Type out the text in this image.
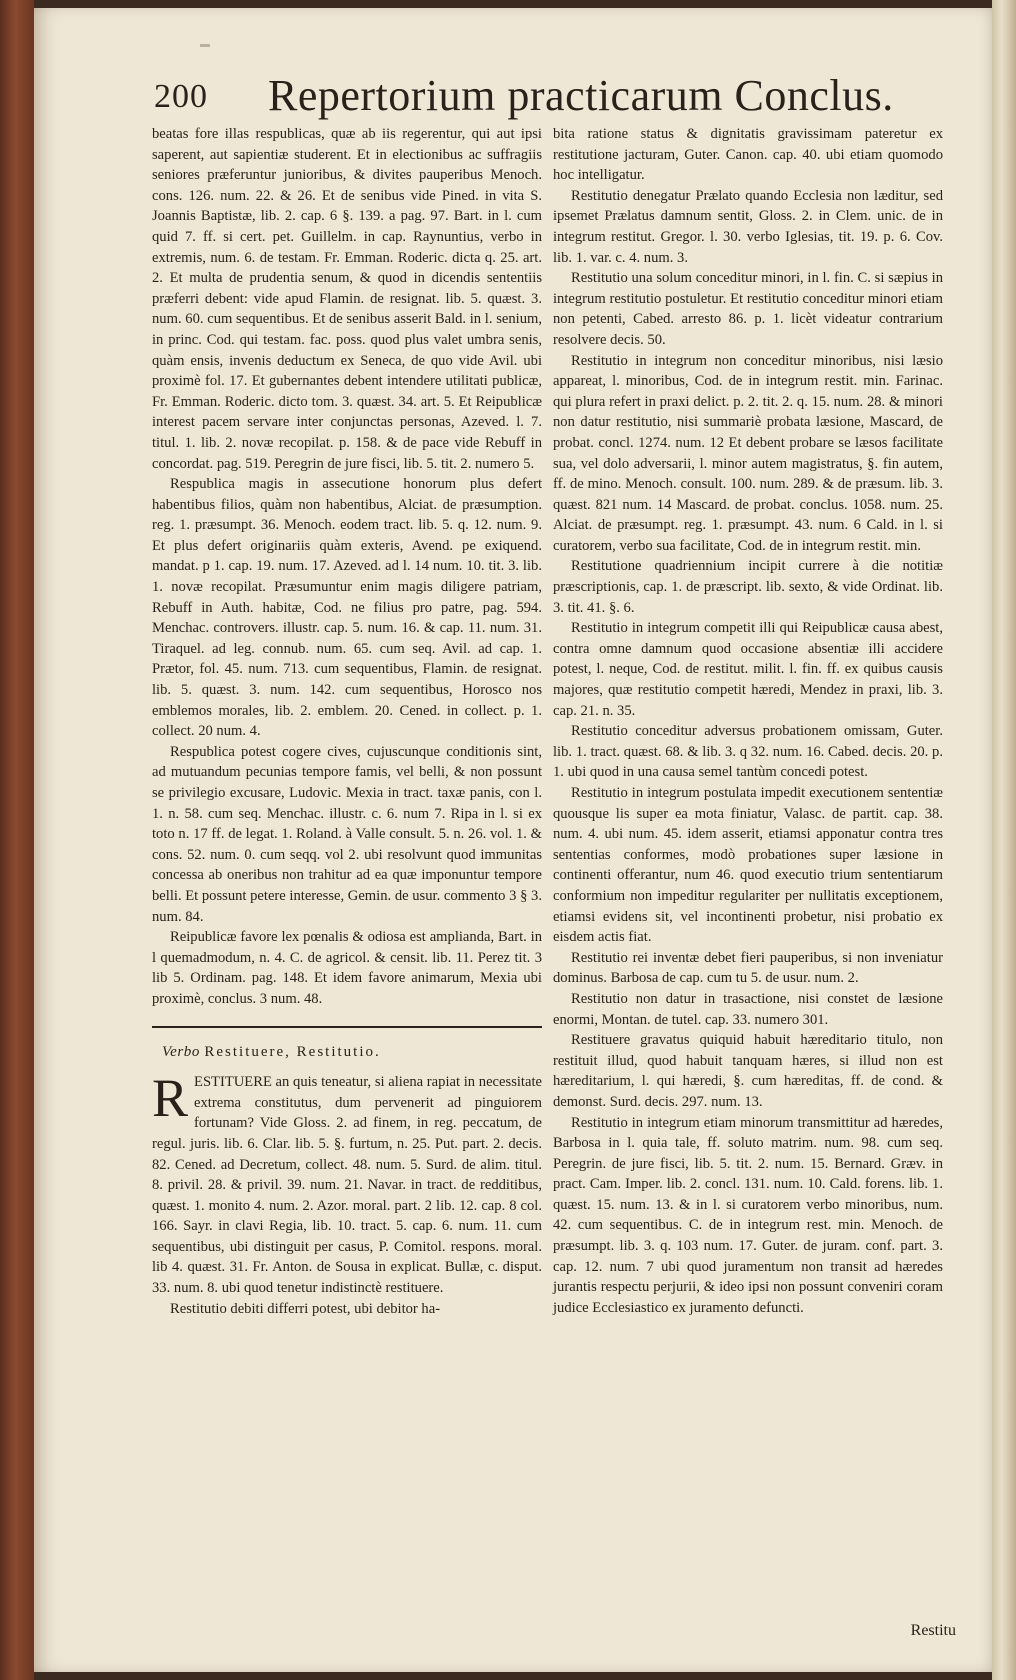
200 Repertorium practicarum Conclus.

beatas fore illas respublicas, quæ ab iis regerentur, qui aut ipsi saperent, aut sapientiæ studerent. Et in electionibus ac suffragiis seniores præferuntur junioribus, & divites pauperibus Menoch. cons. 126. num. 22. & 26. Et de senibus vide Pined. in vita S. Joannis Baptistæ, lib. 2. cap. 6 §. 139. a pag. 97. Bart. in l. cum quid 7. ff. si cert. pet. Guillelm. in cap. Raynuntius, verbo in extremis, num. 6. de testam. Fr. Emman. Roderic. dicta q. 25. art. 2. Et multa de prudentia senum, & quod in dicendis sententiis præferri debent: vide apud Flamin. de resignat. lib. 5. quæst. 3. num. 60. cum sequentibus. Et de senibus asserit Bald. in l. senium, in princ. Cod. qui testam. fac. poss. quod plus valet umbra senis, quàm ensis, invenis deductum ex Seneca, de quo vide Avil. ubi proximè fol. 17. Et gubernantes debent intendere utilitati publicæ, Fr. Emman. Roderic. dicto tom. 3. quæst. 34. art. 5. Et Reipublicæ interest pacem servare inter conjunctas personas, Azeved. l. 7. titul. 1. lib. 2. novæ recopilat. p. 158. & de pace vide Rebuff in concordat. pag. 519. Peregrin de jure fisci, lib. 5. tit. 2. numero 5.

Respublica magis in assecutione honorum plus defert habentibus filios, quàm non habentibus, Alciat. de præsumption. reg. 1. præsumpt. 36. Menoch. eodem tract. lib. 5. q. 12. num. 9. Et plus defert originariis quàm exteris, Avend. pe exiquend. mandat. p 1. cap. 19. num. 17. Azeved. ad l. 14 num. 10. tit. 3. lib. 1. novæ recopilat. Præsumuntur enim magis diligere patriam, Rebuff in Auth. habitæ, Cod. ne filius pro patre, pag. 594. Menchac. controvers. illustr. cap. 5. num. 16. & cap. 11. num. 31. Tiraquel. ad leg. connub. num. 65. cum seq. Avil. ad cap. 1. Prætor, fol. 45. num. 713. cum sequentibus, Flamin. de resignat. lib. 5. quæst. 3. num. 142. cum sequentibus, Horosco nos emblemos morales, lib. 2. emblem. 20. Cened. in collect. p. 1. collect. 20 num. 4.

Respublica potest cogere cives, cujuscunque conditionis sint, ad mutuandum pecunias tempore famis, vel belli, & non possunt se privilegio excusare, Ludovic. Mexia in tract. taxæ panis, con l. 1. n. 58. cum seq. Menchac. illustr. c. 6. num 7. Ripa in l. si ex toto n. 17 ff. de legat. 1. Roland. à Valle consult. 5. n. 26. vol. 1. & cons. 52. num. 0. cum seqq. vol 2. ubi resolvunt quod immunitas concessa ab oneribus non trahitur ad ea quæ imponuntur tempore belli. Et possunt petere interesse, Gemin. de usur. commento 3 § 3. num. 84.

Reipublicæ favore lex pœnalis & odiosa est amplianda, Bart. in l quemadmodum, n. 4. C. de agricol. & censit. lib. 11. Perez tit. 3 lib 5. Ordinam. pag. 148. Et idem favore animarum, Mexia ubi proximè, conclus. 3 num. 48.

Verbo Restituere, Restitutio.

RESTITUERE an quis teneatur, si aliena rapiat in necessitate extrema constitutus, dum pervenerit ad pinguiorem fortunam? Vide Gloss. 2. ad finem, in reg. peccatum, de regul. juris. lib. 6. Clar. lib. 5. §. furtum, n. 25. Put. part. 2. decis. 82. Cened. ad Decretum, collect. 48. num. 5. Surd. de alim. titul. 8. privil. 28. & privil. 39. num. 21. Navar. in tract. de redditibus, quæst. 1. monito 4. num. 2. Azor. moral. part. 2 lib. 12. cap. 8 col. 166. Sayr. in clavi Regia, lib. 10. tract. 5. cap. 6. num. 11. cum sequentibus, ubi distinguit per casus, P. Comitol. respons. moral. lib 4. quæst. 31. Fr. Anton. de Sousa in explicat. Bullæ, c. disput. 33. num. 8. ubi quod tenetur indistinctè restituere.

Restitutio debiti differri potest, ubi debitor ha-

bita ratione status & dignitatis gravissimam pateretur ex restitutione jacturam, Guter. Canon. cap. 40. ubi etiam quomodo hoc intelligatur.

Restitutio denegatur Prælato quando Ecclesia non læditur, sed ipsemet Prælatus damnum sentit, Gloss. 2. in Clem. unic. de in integrum restitut. Gregor. l. 30. verbo Iglesias, tit. 19. p. 6. Cov. lib. 1. var. c. 4. num. 3.

Restitutio una solum conceditur minori, in l. fin. C. si sæpius in integrum restitutio postuletur. Et restitutio conceditur minori etiam non petenti, Cabed. arresto 86. p. 1. licèt videatur contrarium resolvere decis. 50.

Restitutio in integrum non conceditur minoribus, nisi læsio appareat, l. minoribus, Cod. de in integrum restit. min. Farinac. qui plura refert in praxi delict. p. 2. tit. 2. q. 15. num. 28. & minori non datur restitutio, nisi summariè probata læsione, Mascard, de probat. concl. 1274. num. 12 Et debent probare se læsos facilitate sua, vel dolo adversarii, l. minor autem magistratus, §. fin autem, ff. de mino. Menoch. consult. 100. num. 289. & de præsum. lib. 3. quæst. 821 num. 14 Mascard. de probat. conclus. 1058. num. 25. Alciat. de præsumpt. reg. 1. præsumpt. 43. num. 6 Cald. in l. si curatorem, verbo sua facilitate, Cod. de in integrum restit. min.

Restitutione quadriennium incipit currere à die notitiæ præscriptionis, cap. 1. de præscript. lib. sexto, & vide Ordinat. lib. 3. tit. 41. §. 6.

Restitutio in integrum competit illi qui Reipublicæ causa abest, contra omne damnum quod occasione absentiæ illi accidere potest, l. neque, Cod. de restitut. milit. l. fin. ff. ex quibus causis majores, quæ restitutio competit hæredi, Mendez in praxi, lib. 3. cap. 21. n. 35.

Restitutio conceditur adversus probationem omissam, Guter. lib. 1. tract. quæst. 68. & lib. 3. q 32. num. 16. Cabed. decis. 20. p. 1. ubi quod in una causa semel tantùm concedi potest.

Restitutio in integrum postulata impedit executionem sententiæ quousque lis super ea mota finiatur, Valasc. de partit. cap. 38. num. 4. ubi num. 45. idem asserit, etiamsi apponatur contra tres sententias conformes, modò probationes super læsione in continenti offerantur, num 46. quod executio trium sententiarum conformium non impeditur regulariter per nullitatis exceptionem, etiamsi evidens sit, vel incontinenti probetur, nisi probatio ex eisdem actis fiat.

Restitutio rei inventæ debet fieri pauperibus, si non inveniatur dominus. Barbosa de cap. cum tu 5. de usur. num. 2.

Restitutio non datur in trasactione, nisi constet de læsione enormi, Montan. de tutel. cap. 33. numero 301.

Restituere gravatus quiquid habuit hæreditario titulo, non restituit illud, quod habuit tanquam hæres, si illud non est hæreditarium, l. qui hæredi, §. cum hæreditas, ff. de cond. & demonst. Surd. decis. 297. num. 13.

Restitutio in integrum etiam minorum transmittitur ad hæredes, Barbosa in l. quia tale, ff. soluto matrim. num. 98. cum seq. Peregrin. de jure fisci, lib. 5. tit. 2. num. 15. Bernard. Græv. in pract. Cam. Imper. lib. 2. concl. 131. num. 10. Cald. forens. lib. 1. quæst. 15. num. 13. & in l. si curatorem verbo minoribus, num. 42. cum sequentibus. C. de in integrum rest. min. Menoch. de præsumpt. lib. 3. q. 103 num. 17. Guter. de juram. conf. part. 3. cap. 12. num. 7 ubi quod juramentum non transit ad hæredes jurantis respectu perjurii, & ideo ipsi non possunt conveniri coram judice Ecclesiastico ex juramento defuncti.

Restitu
